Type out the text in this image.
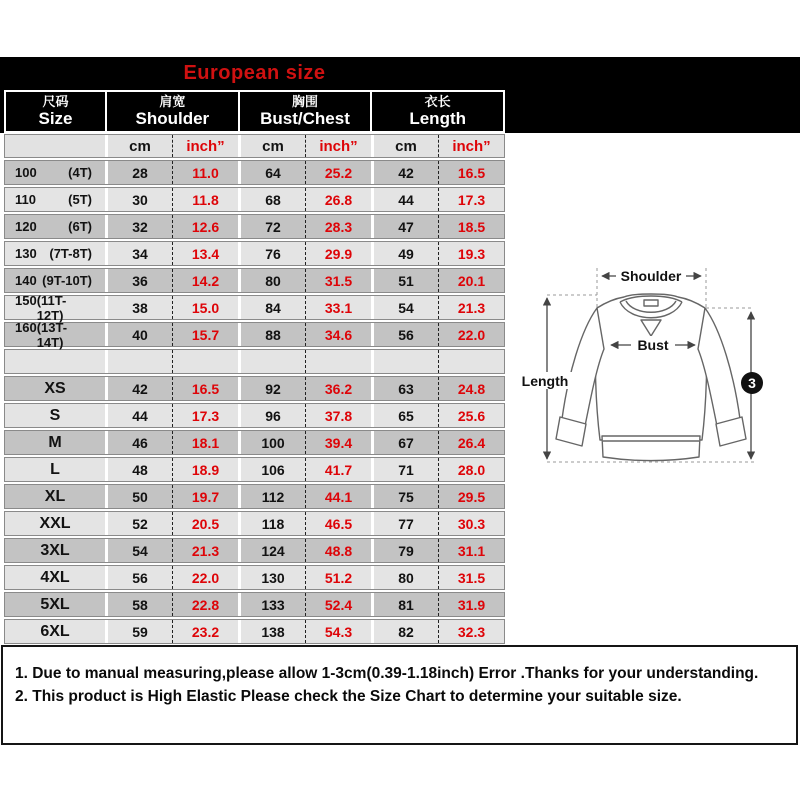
European size
尺码
Size
肩宽
Shoulder
胸围
Bust/Chest
衣长
Length
cm	inch”	cm	inch”	cm	inch”
100 (4T)	28	11.0	64	25.2	42	16.5
110 (5T)	30	11.8	68	26.8	44	17.3
120 (6T)	32	12.6	72	28.3	47	18.5
130 (7T-8T)	34	13.4	76	29.9	49	19.3
140 (9T-10T)	36	14.2	80	31.5	51	20.1
150 (11T-12T)	38	15.0	84	33.1	54	21.3
160 (13T-14T)	40	15.7	88	34.6	56	22.0
XS	42	16.5	92	36.2	63	24.8
S	44	17.3	96	37.8	65	25.6
M	46	18.1	100	39.4	67	26.4
L	48	18.9	106	41.7	71	28.0
XL	50	19.7	112	44.1	75	29.5
XXL	52	20.5	118	46.5	77	30.3
3XL	54	21.3	124	48.8	79	31.1
4XL	56	22.0	130	51.2	80	31.5
5XL	58	22.8	133	52.4	81	31.9
6XL	59	23.2	138	54.3	82	32.3
Shoulder
Bust
Length	3

1. Due to manual measuring,please allow 1-3cm(0.39-1.18inch) Error .Thanks for your understanding.

2. This product is High Elastic Please check the Size Chart to determine your suitable size.
